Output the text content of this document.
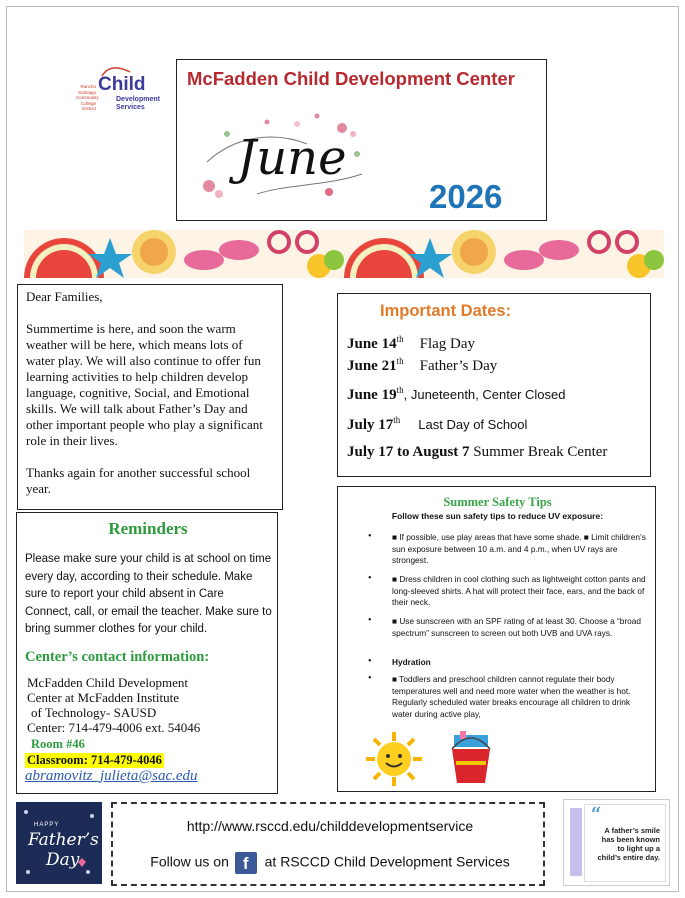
Rancho
Santiago
Community
College
District
Child
Development
Services
McFadden Child Development Center
June
2026

Dear Families,

Summertime is here, and soon the warm weather will be here, which means lots of water play. We will also continue to offer fun learning activities to help children develop language, cognitive, Social, and Emotional skills. We will talk about Father’s Day and other important people who play a significant role in their lives.

Thanks again for another successful school year.

Important Dates:
June 14th Flag Day
June 21th Father’s Day
June 19th, Juneteenth, Center Closed
July 17th Last Day of School
July 17 to August 7 Summer Break Center
Reminders
Please make sure your child is at school on time every day, according to their schedule. Make sure to report your child absent in Care Connect, call, or email the teacher. Make sure to bring summer clothes for your child.
Center’s contact information:
McFadden Child Development
Center at McFadden Institute
of Technology- SAUSD
Center: 714-479-4006 ext. 54046
Room #46
Classroom: 714-479-4046
abramovitz_julieta@sac.edu
Summer Safety Tips
Follow these sun safety tips to reduce UV exposure:
• ■ If possible, use play areas that have some shade. ■ Limit children’s sun exposure between 10 a.m. and 4 p.m., when UV rays are strongest.
• ■ Dress children in cool clothing such as lightweight cotton pants and long-sleeved shirts. A hat will protect their face, ears, and the back of their neck.
• ■ Use sunscreen with an SPF rating of at least 30. Choose a “broad spectrum” sunscreen to screen out both UVB and UVA rays.
• Hydration
• ■ Toddlers and preschool children cannot regulate their body temperatures well and need more water when the weather is hot. Regularly scheduled water breaks encourage all children to drink water during active play,
HAPPY
Father’s
Day
http://www.rsccd.edu/childdevelopmentservice
Follow us on f at RSCCD Child Development Services
“
A father’s smile has been known to light up a child’s entire day.
